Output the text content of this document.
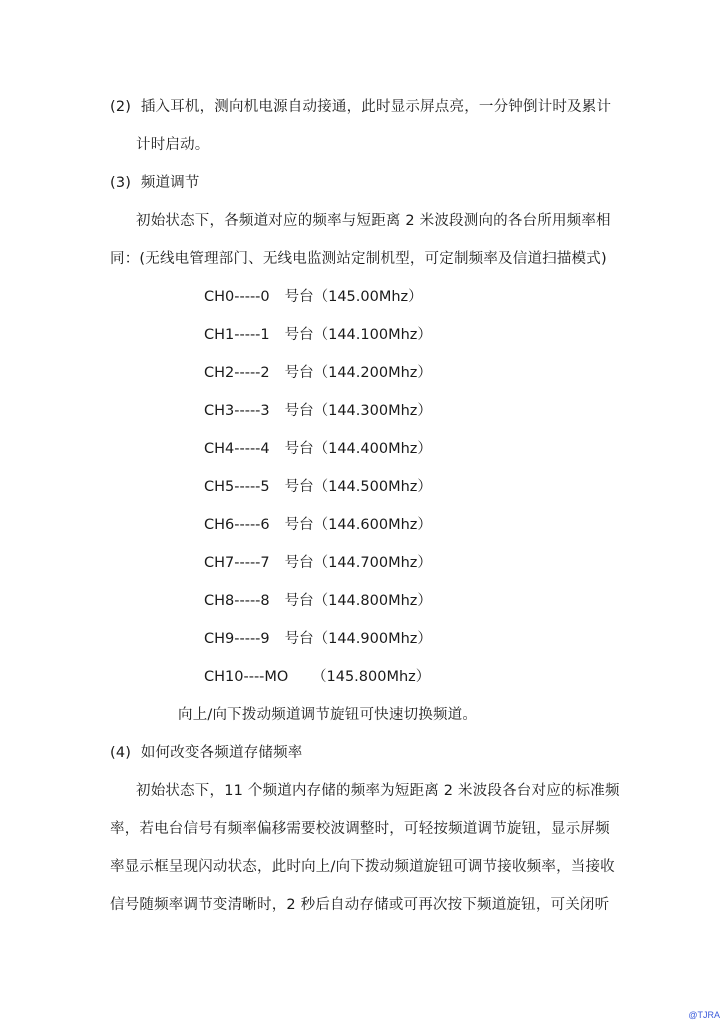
(2) 插入耳机，测向机电源自动接通，此时显示屏点亮，一分钟倒计时及累计
计时启动。
(3) 频道调节
初始状态下，各频道对应的频率与短距离 2 米波段测向的各台所用频率相
同：(无线电管理部门、无线电监测站定制机型，可定制频率及信道扫描模式)
CH0-----0 号台（145.00Mhz）
CH1-----1 号台（144.100Mhz）
CH2-----2 号台（144.200Mhz）
CH3-----3 号台（144.300Mhz）
CH4-----4 号台（144.400Mhz）
CH5-----5 号台（144.500Mhz）
CH6-----6 号台（144.600Mhz）
CH7-----7 号台（144.700Mhz）
CH8-----8 号台（144.800Mhz）
CH9-----9 号台（144.900Mhz）
CH10----MO （145.800Mhz）
向上/向下拨动频道调节旋钮可快速切换频道。
(4) 如何改变各频道存储频率
初始状态下，11 个频道内存储的频率为短距离 2 米波段各台对应的标准频
率，若电台信号有频率偏移需要校波调整时，可轻按频道调节旋钮，显示屏频
率显示框呈现闪动状态，此时向上/向下拨动频道旋钮可调节接收频率，当接收
信号随频率调节变清晰时，2 秒后自动存储或可再次按下频道旋钮，可关闭听
@TJRA
